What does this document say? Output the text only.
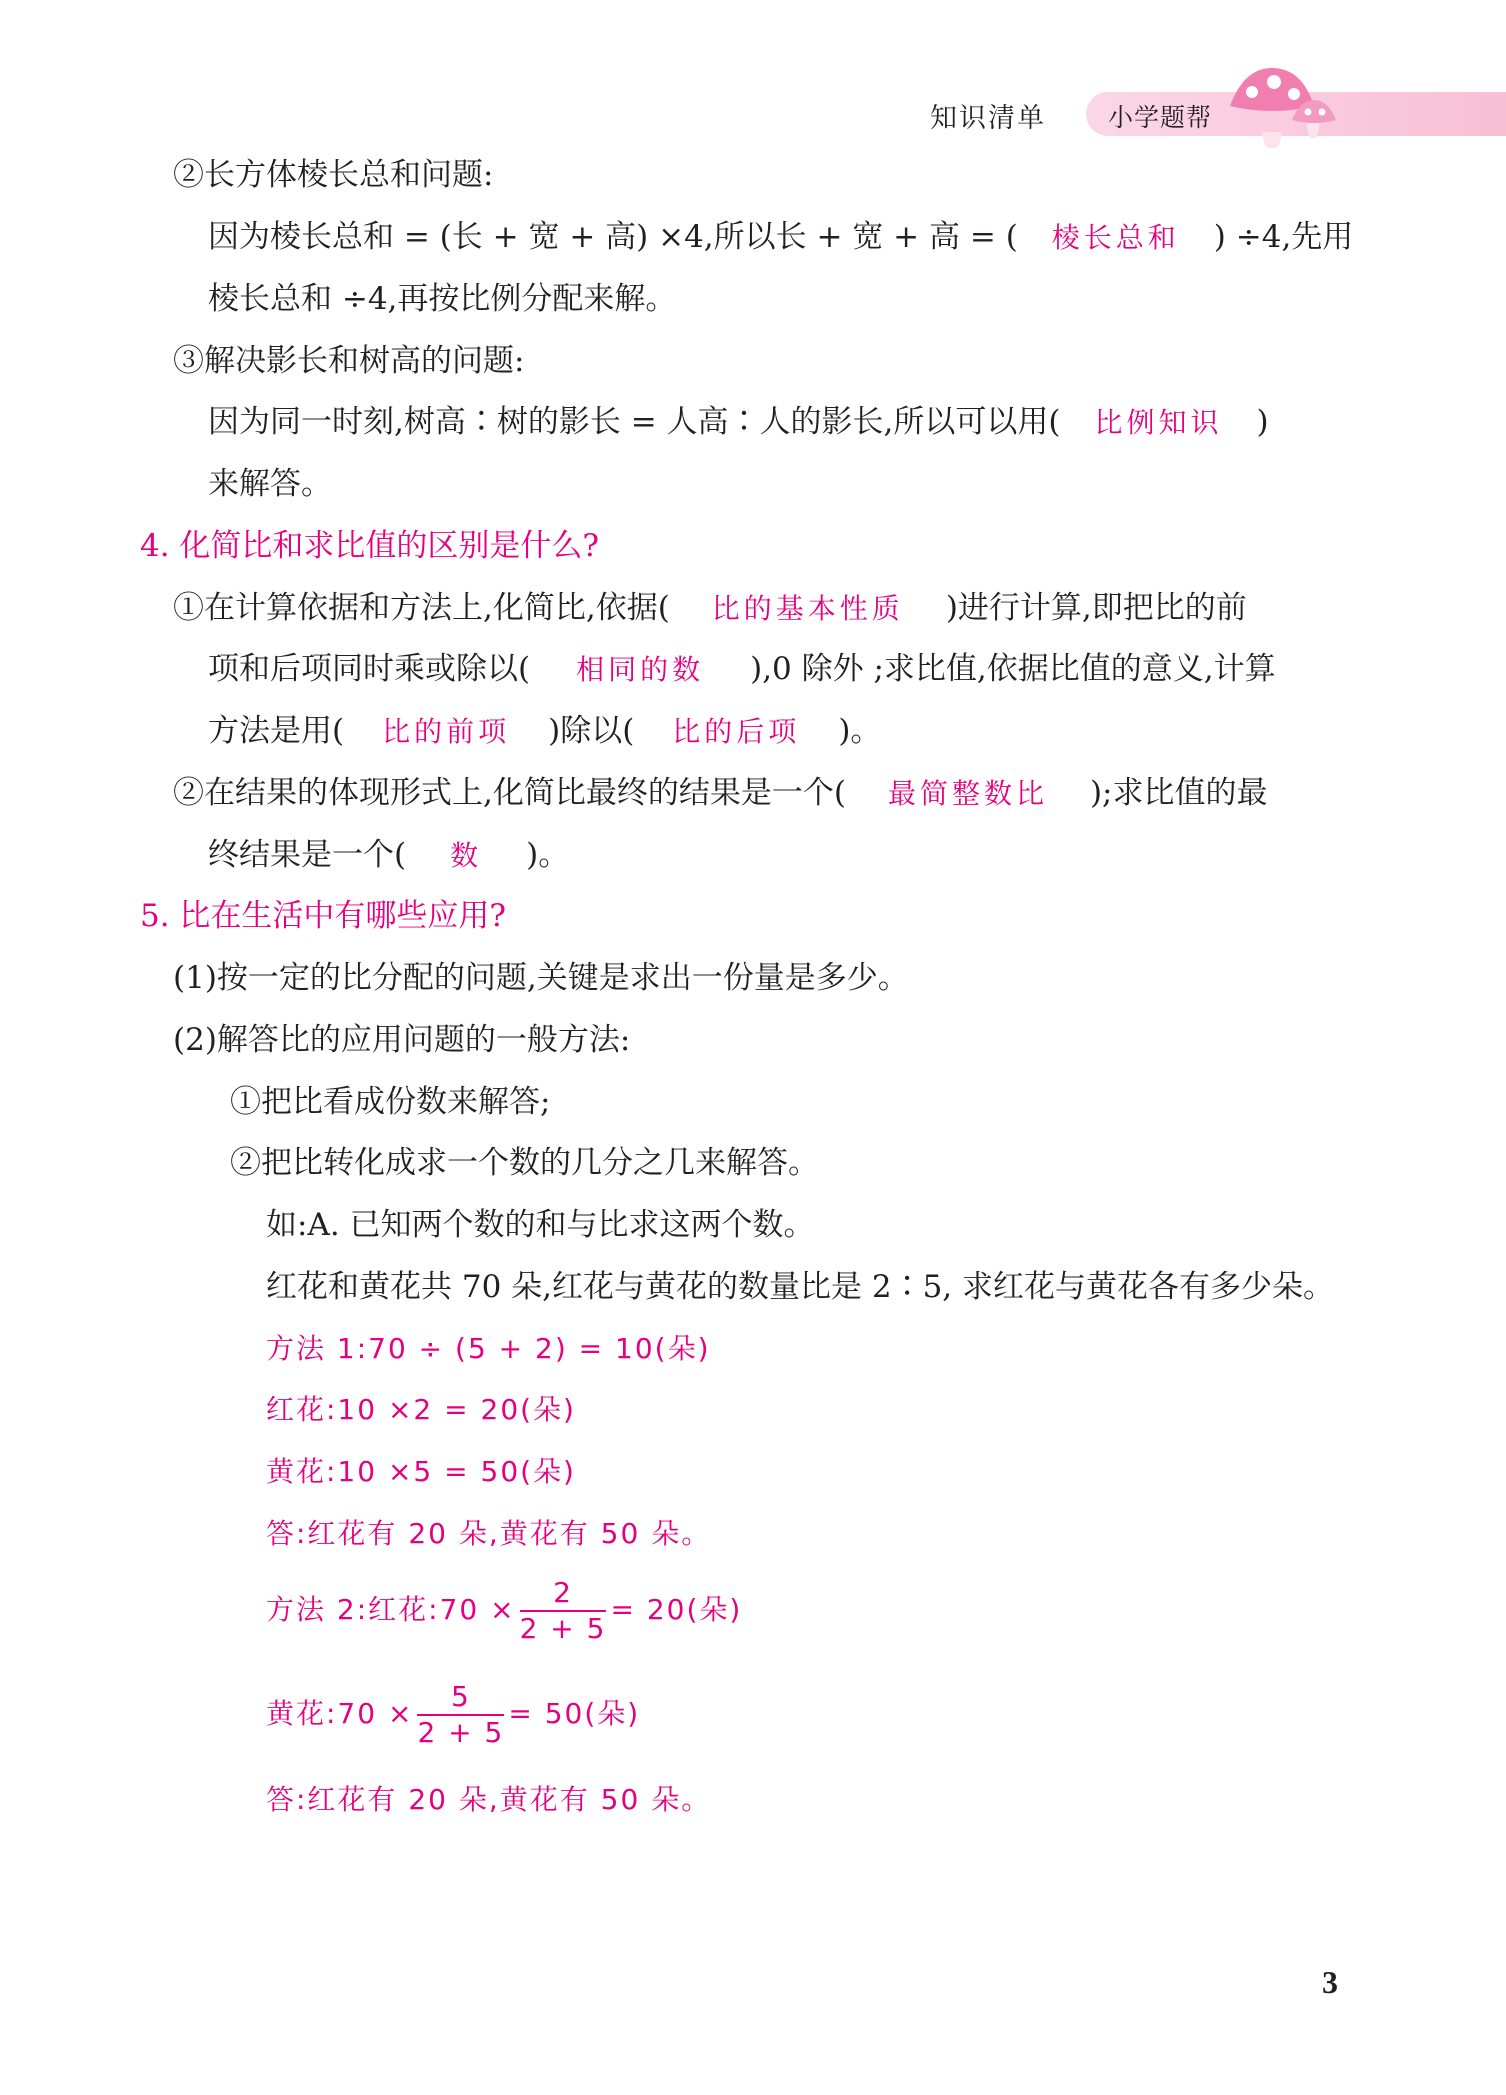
知识清单 小学题帮
②长方体棱长总和问题:
因为棱长总和 = (长 + 宽 + 高) ×4,所以长 + 宽 + 高 = ( 棱长总和 ) ÷4,先用
棱长总和 ÷4,再按比例分配来解。
③解决影长和树高的问题:
因为同一时刻,树高∶树的影长 = 人高∶人的影长,所以可以用( 比例知识 )
来解答。
4. 化简比和求比值的区别是什么?
①在计算依据和方法上,化简比,依据( 比的基本性质 )进行计算,即把比的前
项和后项同时乘或除以( 相同的数 ),0 除外 ;求比值,依据比值的意义,计算
方法是用( 比的前项 )除以( 比的后项 )。
②在结果的体现形式上,化简比最终的结果是一个( 最简整数比 );求比值的最
终结果是一个( 数 )。
5. 比在生活中有哪些应用?
(1)按一定的比分配的问题,关键是求出一份量是多少。
(2)解答比的应用问题的一般方法:
①把比看成份数来解答;
②把比转化成求一个数的几分之几来解答。
如:A. 已知两个数的和与比求这两个数。
红花和黄花共 70 朵,红花与黄花的数量比是 2∶5, 求红花与黄花各有多少朵。
方法 1:70 ÷ (5 + 2) = 10(朵)
红花:10 ×2 = 20(朵)
黄花:10 ×5 = 50(朵)
答:红花有 20 朵,黄花有 50 朵。
方法 2:红花:70 × $\frac{2}{2 + 5} = 20$(朵)
黄花:70 × $\frac{5}{2 + 5} = 50$(朵)
答:红花有 20 朵,黄花有 50 朵。
3
